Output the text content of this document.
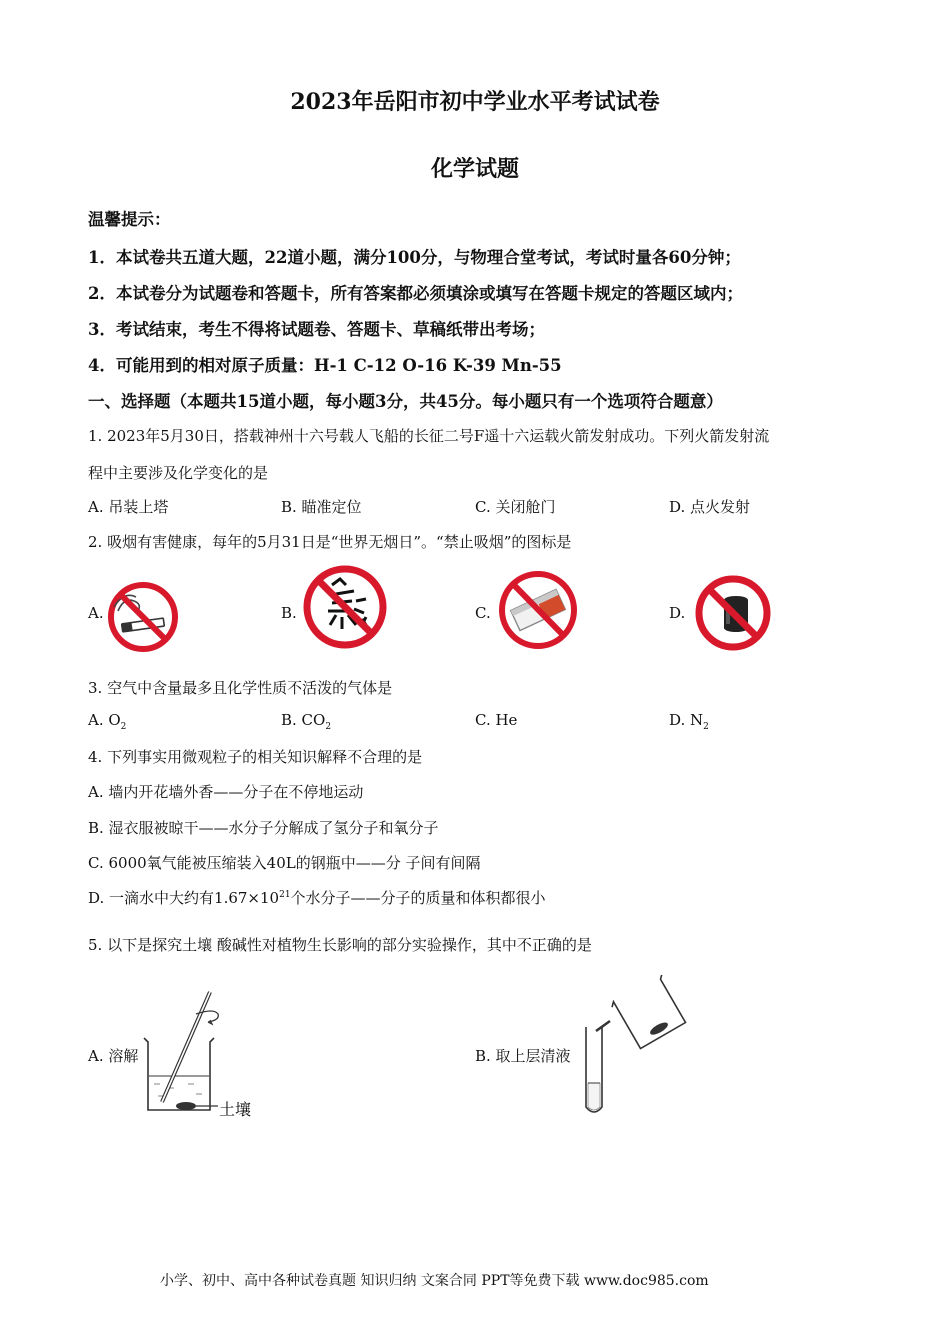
2023年岳阳市初中学业水平考试试卷
化学试题
温馨提示：
1．本试卷共五道大题，22道小题，满分100分，与物理合堂考试，考试时量各60分钟；
2．本试卷分为试题卷和答题卡，所有答案都必须填涂或填写在答题卡规定的答题区域内；
3．考试结束，考生不得将试题卷、答题卡、草稿纸带出考场；
4．可能用到的相对原子质量：H-1 C-12 O-16 K-39 Mn-55
一、选择题（本题共15道小题，每小题3分，共45分。每小题只有一个选项符合题意）
1. 2023年5月30日，搭载神州十六号载人飞船的长征二号F遥十六运载火箭发射成功。下列火箭发射流
程中主要涉及化学变化的是
A. 吊装上塔	B. 瞄准定位	C. 关闭舱门	D. 点火发射
2. 吸烟有害健康，每年的5月31日是“世界无烟日”。“禁止吸烟”的图标是
A.	B.	C.	D.
3. 空气中含量最多且化学性质不活泼的气体是
A. $O_2$	B. $CO_2$	C. He	D. $N_2$
4. 下列事实用微观粒子的相关知识解释不合理的是
A. 墙内开花墙外香——分子在不停地运动
B. 湿衣服被晾干——水分子分解成了氢分子和氧分子
C. 6000氧气能被压缩装入40L的钢瓶中——分 子间有间隔
D. 一滴水中大约有$1.67\times 10^{21}$个水分子——分子的质量和体积都很小
5. 以下是探究土壤 酸碱性对植物生长影响的部分实验操作，其中不正确的是
A. 溶解	B. 取上层清液
土壤
小学、初中、高中各种试卷真题 知识归纳 文案合同 PPT等免费下载 www.doc985.com
